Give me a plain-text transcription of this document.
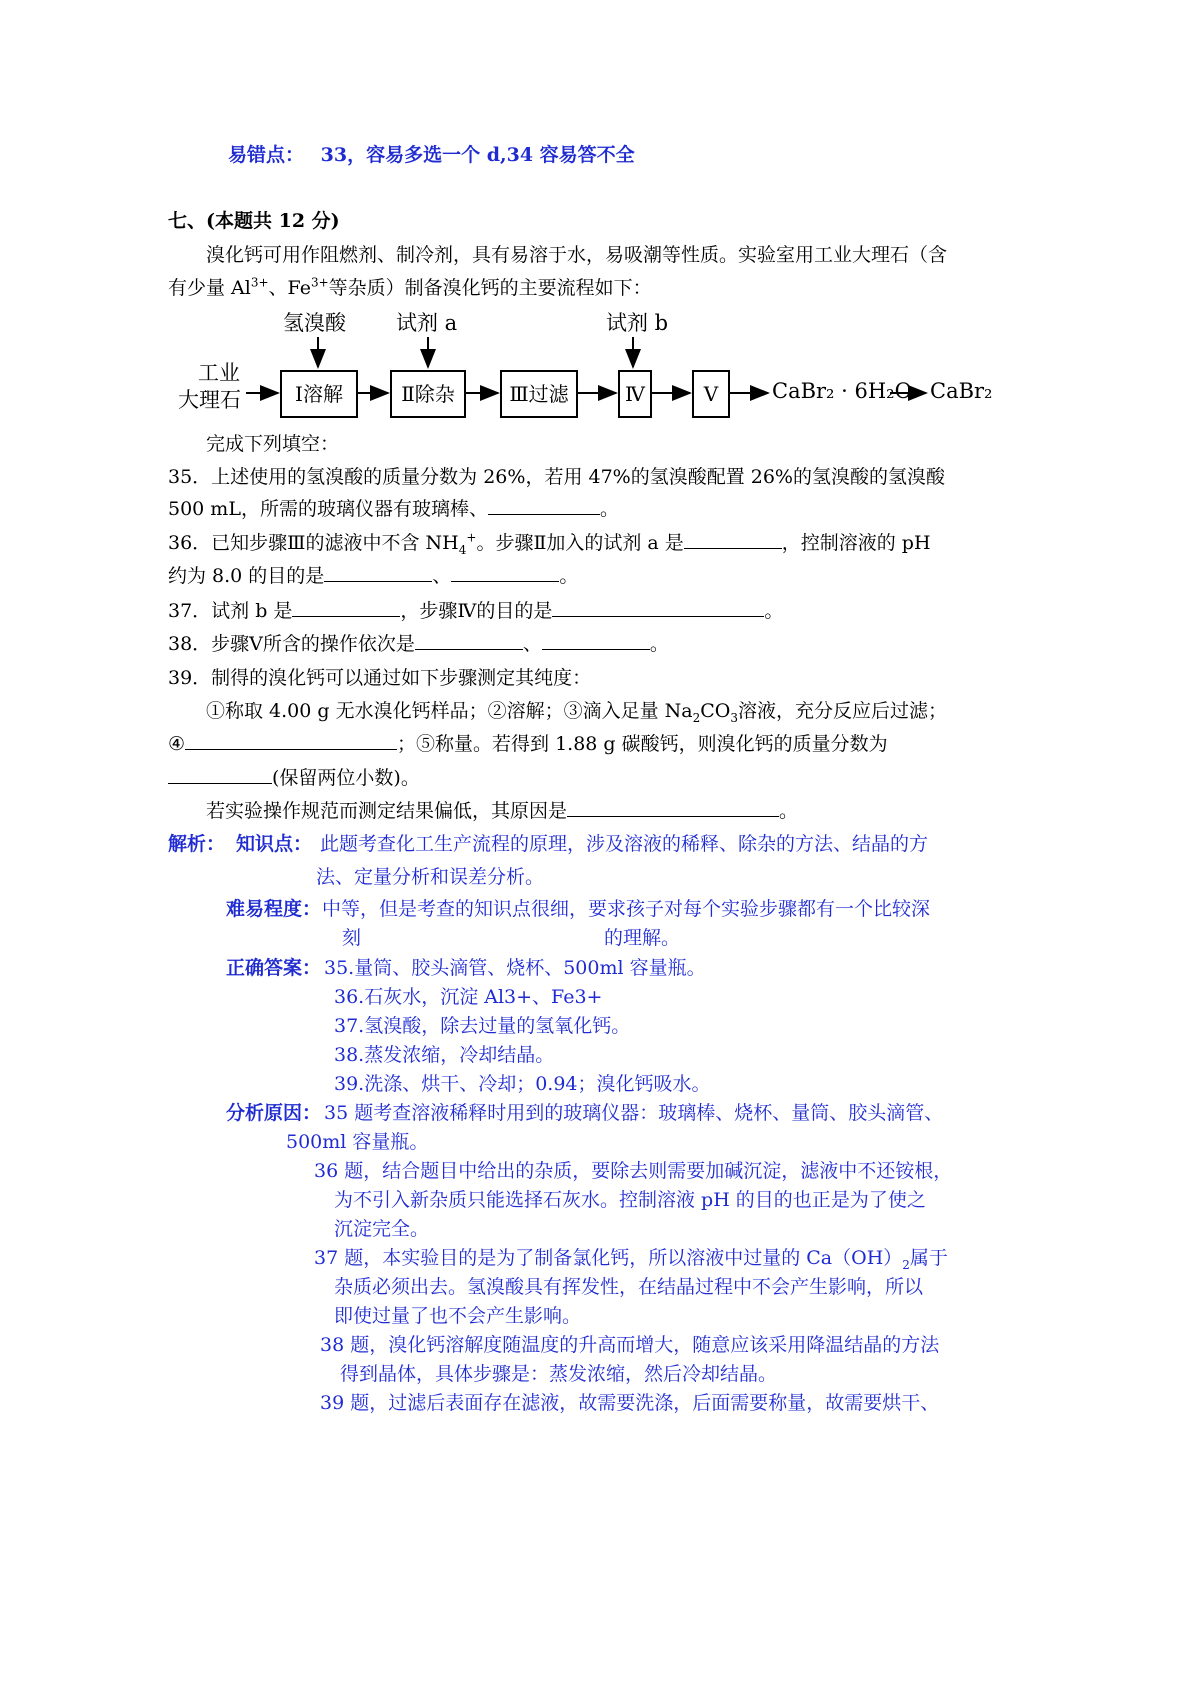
易错点： 33，容易多选一个 d,34 容易答不全
七、(本题共 12 分)
溴化钙可用作阻燃剂、制冷剂，具有易溶于水，易吸潮等性质。实验室用工业大理石（含
有少量 $Al^{3+}$、$Fe^{3+}$等杂质）制备溴化钙的主要流程如下：
氢溴酸 试剂 a	试剂 b
工业
大理石	Ⅰ溶解	Ⅱ除杂	Ⅲ过滤	Ⅳ	Ⅴ	CaBr₂ · 6H₂O CaBr₂
完成下列填空：
35．上述使用的氢溴酸的质量分数为 26%，若用 47%的氢溴酸配置 26%的氢溴酸的氢溴酸
500 mL，所需的玻璃仪器有玻璃棒、	。
36．已知步骤Ⅲ的滤液中不含 $NH_4^+$。步骤Ⅱ加入的试剂 a 是	，控制溶液的 pH
约为 8.0 的目的是	、	。
37．试剂 b 是	，步骤Ⅳ的目的是	。
38．步骤Ⅴ所含的操作依次是	、	。
39．制得的溴化钙可以通过如下步骤测定其纯度：
①称取 4.00 g 无水溴化钙样品；②溶解；③滴入足量 $Na_2CO_3$溶液，充分反应后过滤；
④	；⑤称量。若得到 1.88 g 碳酸钙，则溴化钙的质量分数为
(保留两位小数)。
若实验操作规范而测定结果偏低，其原因是	。
解析： 知识点： 此题考查化工生产流程的原理，涉及溶液的稀释、除杂的方法、结晶的方
法、定量分析和误差分析。
难易程度： 中等，但是考查的知识点很细，要求孩子对每个实验步骤都有一个比较深
刻	的理解。
正确答案： 35.量筒、胶头滴管、烧杯、500ml 容量瓶。
36.石灰水，沉淀 Al3+、Fe3+
37.氢溴酸，除去过量的氢氧化钙。
38.蒸发浓缩，冷却结晶。
39.洗涤、烘干、冷却；0.94；溴化钙吸水。
分析原因： 35 题考查溶液稀释时用到的玻璃仪器：玻璃棒、烧杯、量筒、胶头滴管、
500ml 容量瓶。
36 题，结合题目中给出的杂质，要除去则需要加碱沉淀，滤液中不还铵根，
为不引入新杂质只能选择石灰水。控制溶液 pH 的目的也正是为了使之
沉淀完全。
37 题，本实验目的是为了制备氯化钙，所以溶液中过量的 $Ca(OH)_2$属于
杂质必须出去。氢溴酸具有挥发性，在结晶过程中不会产生影响，所以
即使过量了也不会产生影响。
38 题，溴化钙溶解度随温度的升高而增大，随意应该采用降温结晶的方法
得到晶体，具体步骤是：蒸发浓缩，然后冷却结晶。
39 题，过滤后表面存在滤液，故需要洗涤，后面需要称量，故需要烘干、
